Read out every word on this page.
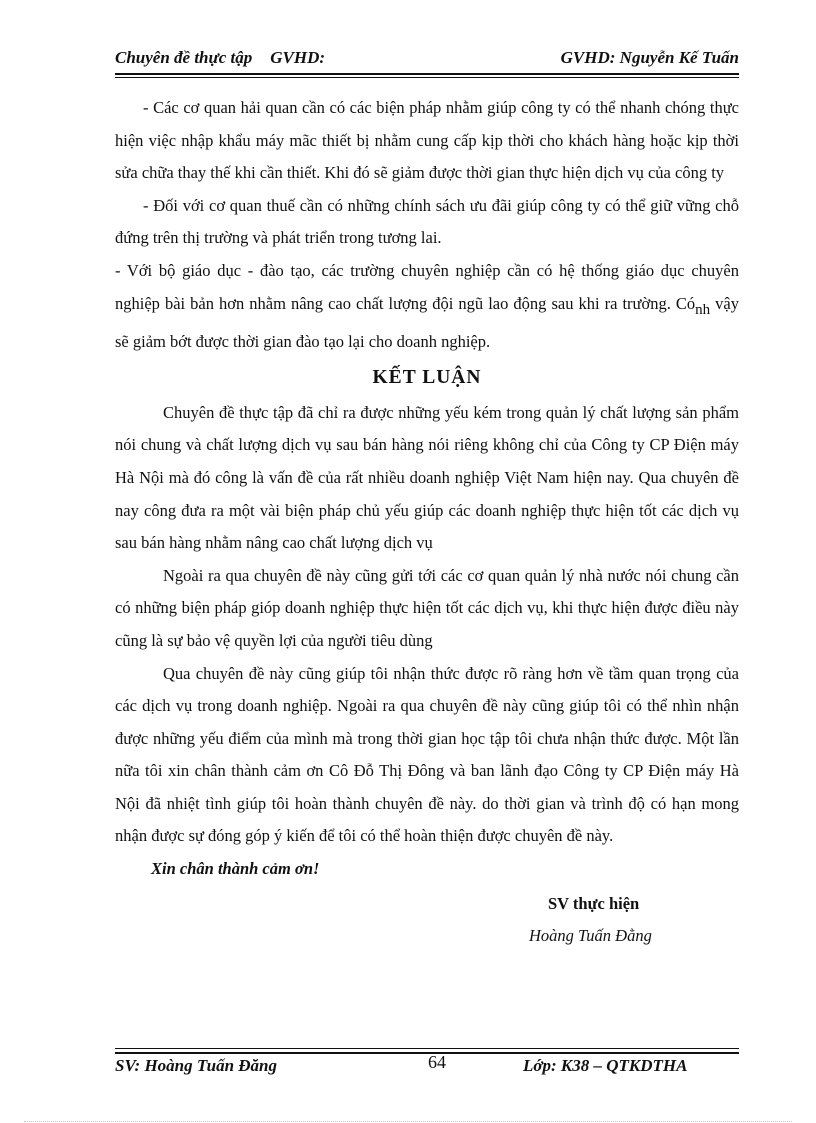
Chuyên đề thực tập GVHD:	GVHD: Nguyễn Kế Tuấn

- Các cơ quan hải quan cần có các biện pháp nhằm giúp công ty có thể nhanh chóng thực hiện việc nhập khẩu máy mãc thiết bị nhằm cung cấp kịp thời cho khách hàng hoặc kịp thời sửa chữa thay thế khi cần thiết. Khi đó sẽ giảm được thời gian thực hiện dịch vụ của công ty

- Đối với cơ quan thuế cần có những chính sách ưu đãi giúp công ty có thể giữ vững chỗ đứng trên thị trường và phát triển trong tương lai.

- Với bộ giáo dục - đào tạo, các trường chuyên nghiệp cần có hệ thống giáo dục chuyên nghiệp bài bản hơn nhằm nâng cao chất lượng đội ngũ lao động sau khi ra trường. Cónh vậy sẽ giảm bớt được thời gian đào tạo lại cho doanh nghiệp.

KẾT LUẬN

Chuyên đề thực tập đã chỉ ra được những yếu kém trong quản lý chất lượng sản phẩm nói chung và chất lượng dịch vụ sau bán hàng nói riêng không chỉ của Công ty CP Điện máy Hà Nội mà đó công là vấn đề của rất nhiều doanh nghiệp Việt Nam hiện nay. Qua chuyên đề nay công đưa ra một vài biện pháp chủ yếu giúp các doanh nghiệp thực hiện tốt các dịch vụ sau bán hàng nhằm nâng cao chất lượng dịch vụ

Ngoài ra qua chuyên đề này cũng gửi tới các cơ quan quản lý nhà nước nói chung cần có những biện pháp gióp doanh nghiệp thực hiện tốt các dịch vụ, khi thực hiện được điều này cũng là sự bảo vệ quyền lợi của người tiêu dùng

Qua chuyên đề này cũng giúp tôi nhận thức được rõ ràng hơn về tầm quan trọng của các dịch vụ trong doanh nghiệp. Ngoài ra qua chuyên đề này cũng giúp tôi có thể nhìn nhận được những yếu điểm của mình mà trong thời gian học tập tôi chưa nhận thức được. Một lần nữa tôi xin chân thành cảm ơn Cô Đỗ Thị Đông và ban lãnh đạo Công ty CP Điện máy Hà Nội đã nhiệt tình giúp tôi hoàn thành chuyên đề này. do thời gian và trình độ có hạn mong nhận được sự đóng góp ý kiến để tôi có thể hoàn thiện được chuyên đề này.

Xin chân thành cảm ơn!

SV thực hiện

Hoàng Tuấn Đằng

SV: Hoàng Tuấn Đăng	64	Lớp: K38 – QTKDTHA
